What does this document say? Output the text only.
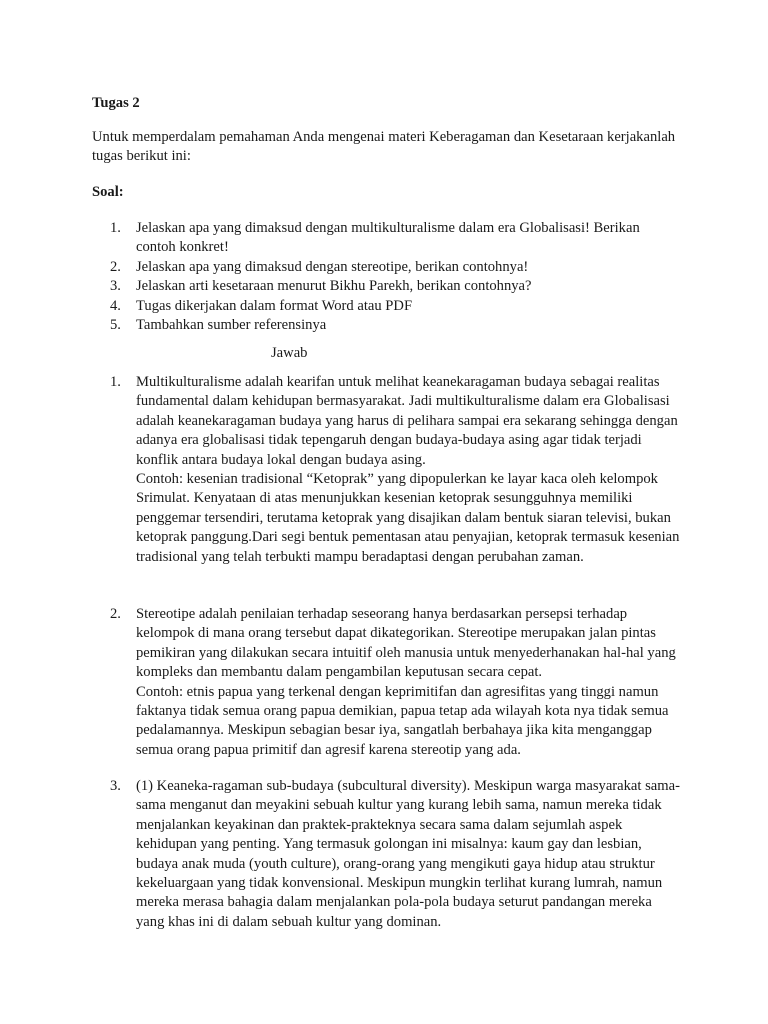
Tugas 2

Untuk memperdalam pemahaman Anda mengenai materi Keberagaman dan Kesetaraan kerjakanlah tugas berikut ini:

Soal:
1. Jelaskan apa yang dimaksud dengan multikulturalisme dalam era Globalisasi! Berikan contoh konkret!
2. Jelaskan apa yang dimaksud dengan stereotipe, berikan contohnya!
3. Jelaskan arti kesetaraan menurut Bikhu Parekh, berikan contohnya?
4. Tugas dikerjakan dalam format Word atau PDF
5. Tambahkan sumber referensinya
Jawab
1. Multikulturalisme adalah kearifan untuk melihat keanekaragaman budaya sebagai realitas fundamental dalam kehidupan bermasyarakat. Jadi multikulturalisme dalam era Globalisasi adalah keanekaragaman budaya yang harus di pelihara sampai era sekarang sehingga dengan adanya era globalisasi tidak tepengaruh dengan budaya-budaya asing agar tidak terjadi konflik antara budaya lokal dengan budaya asing.

Contoh: kesenian tradisional “Ketoprak” yang dipopulerkan ke layar kaca oleh kelompok Srimulat. Kenyataan di atas menunjukkan kesenian ketoprak sesungguhnya memiliki penggemar tersendiri, terutama ketoprak yang disajikan dalam bentuk siaran televisi, bukan ketoprak panggung.Dari segi bentuk pementasan atau penyajian, ketoprak termasuk kesenian tradisional yang telah terbukti mampu beradaptasi dengan perubahan zaman.

2. Stereotipe adalah penilaian terhadap seseorang hanya berdasarkan persepsi terhadap kelompok di mana orang tersebut dapat dikategorikan. Stereotipe merupakan jalan pintas pemikiran yang dilakukan secara intuitif oleh manusia untuk menyederhanakan hal-hal yang kompleks dan membantu dalam pengambilan keputusan secara cepat.

Contoh: etnis papua yang terkenal dengan keprimitifan dan agresifitas yang tinggi namun faktanya tidak semua orang papua demikian, papua tetap ada wilayah kota nya tidak semua pedalamannya. Meskipun sebagian besar iya, sangatlah berbahaya jika kita menganggap semua orang papua primitif dan agresif karena stereotip yang ada.

3. (1) Keaneka-ragaman sub-budaya (subcultural diversity). Meskipun warga masyarakat sama-sama menganut dan meyakini sebuah kultur yang kurang lebih sama, namun mereka tidak menjalankan keyakinan dan praktek-prakteknya secara sama dalam sejumlah aspek kehidupan yang penting. Yang termasuk golongan ini misalnya: kaum gay dan lesbian, budaya anak muda (youth culture), orang-orang yang mengikuti gaya hidup atau struktur kekeluargaan yang tidak konvensional. Meskipun mungkin terlihat kurang lumrah, namun mereka merasa bahagia dalam menjalankan pola-pola budaya seturut pandangan mereka yang khas ini di dalam sebuah kultur yang dominan.
